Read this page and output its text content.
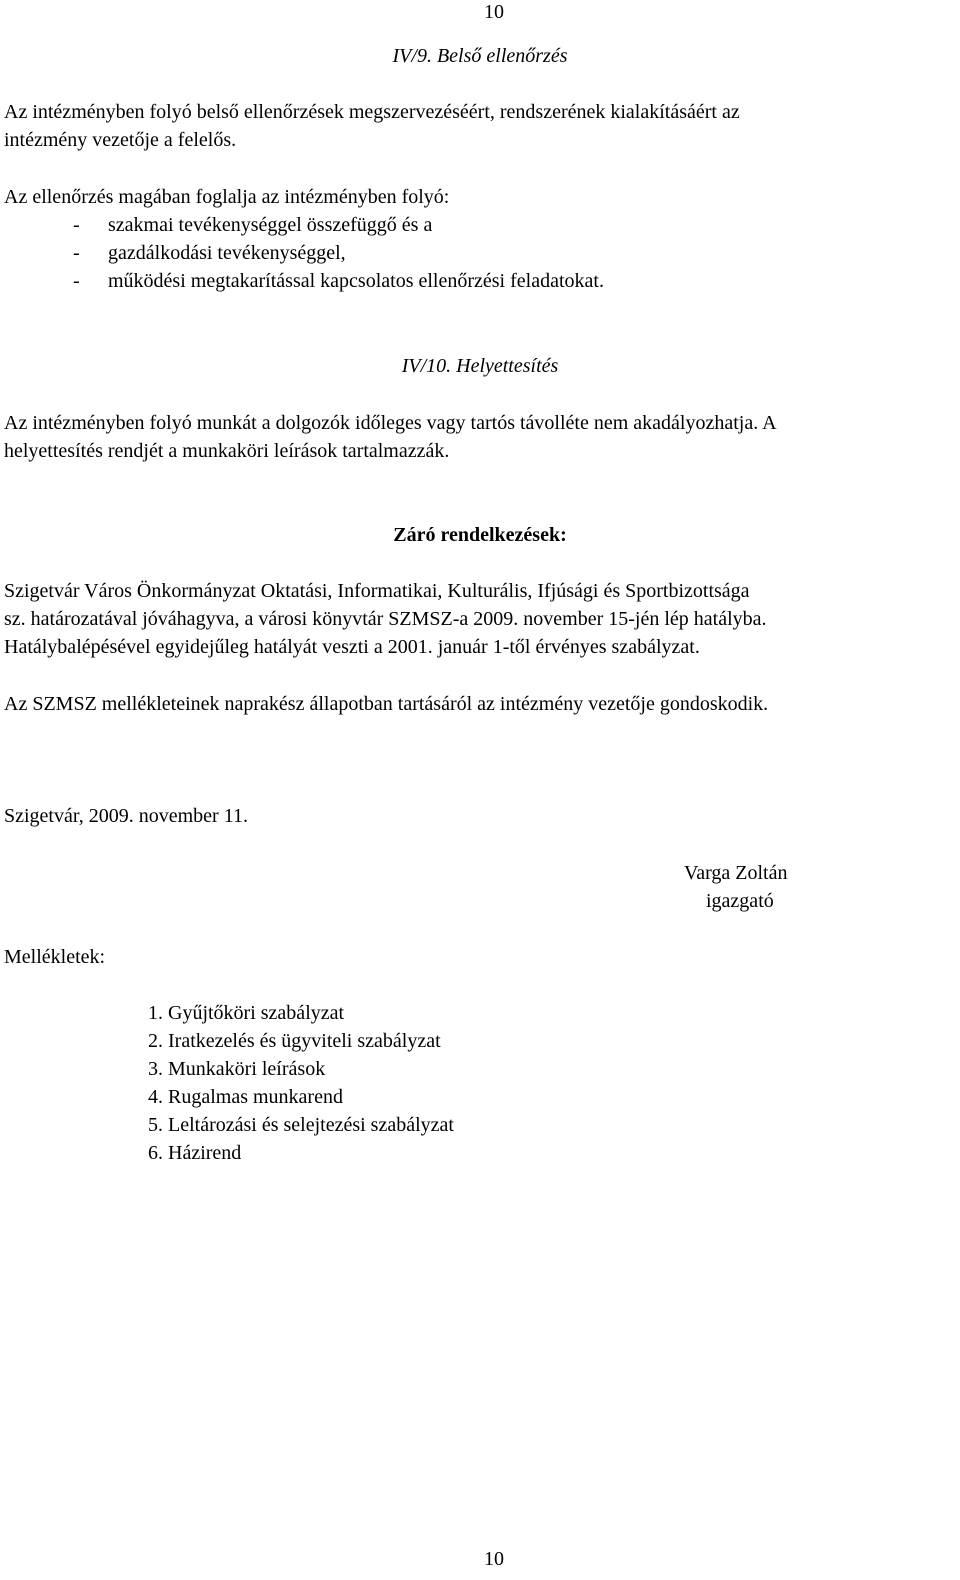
10
IV/9. Belső ellenőrzés
Az intézményben folyó belső ellenőrzések megszervezéséért, rendszerének kialakításáért az
intézmény vezetője a felelős.
Az ellenőrzés magában foglalja az intézményben folyó:
- szakmai tevékenységgel összefüggő és a
- gazdálkodási tevékenységgel,
- működési megtakarítással kapcsolatos ellenőrzési feladatokat.
IV/10. Helyettesítés
Az intézményben folyó munkát a dolgozók időleges vagy tartós távolléte nem akadályozhatja. A
helyettesítés rendjét a munkaköri leírások tartalmazzák.
Záró rendelkezések:
Szigetvár Város Önkormányzat Oktatási, Informatikai, Kulturális, Ifjúsági és Sportbizottsága
sz. határozatával jóváhagyva, a városi könyvtár SZMSZ-a 2009. november 15-jén lép hatályba.
Hatálybalépésével egyidejűleg hatályát veszti a 2001. január 1-től érvényes szabályzat.
Az SZMSZ mellékleteinek naprakész állapotban tartásáról az intézmény vezetője gondoskodik.
Szigetvár, 2009. november 11.
Varga Zoltán
igazgató
Mellékletek:
1. Gyűjtőköri szabályzat
2. Iratkezelés és ügyviteli szabályzat
3. Munkaköri leírások
4. Rugalmas munkarend
5. Leltározási és selejtezési szabályzat
6. Házirend
10
